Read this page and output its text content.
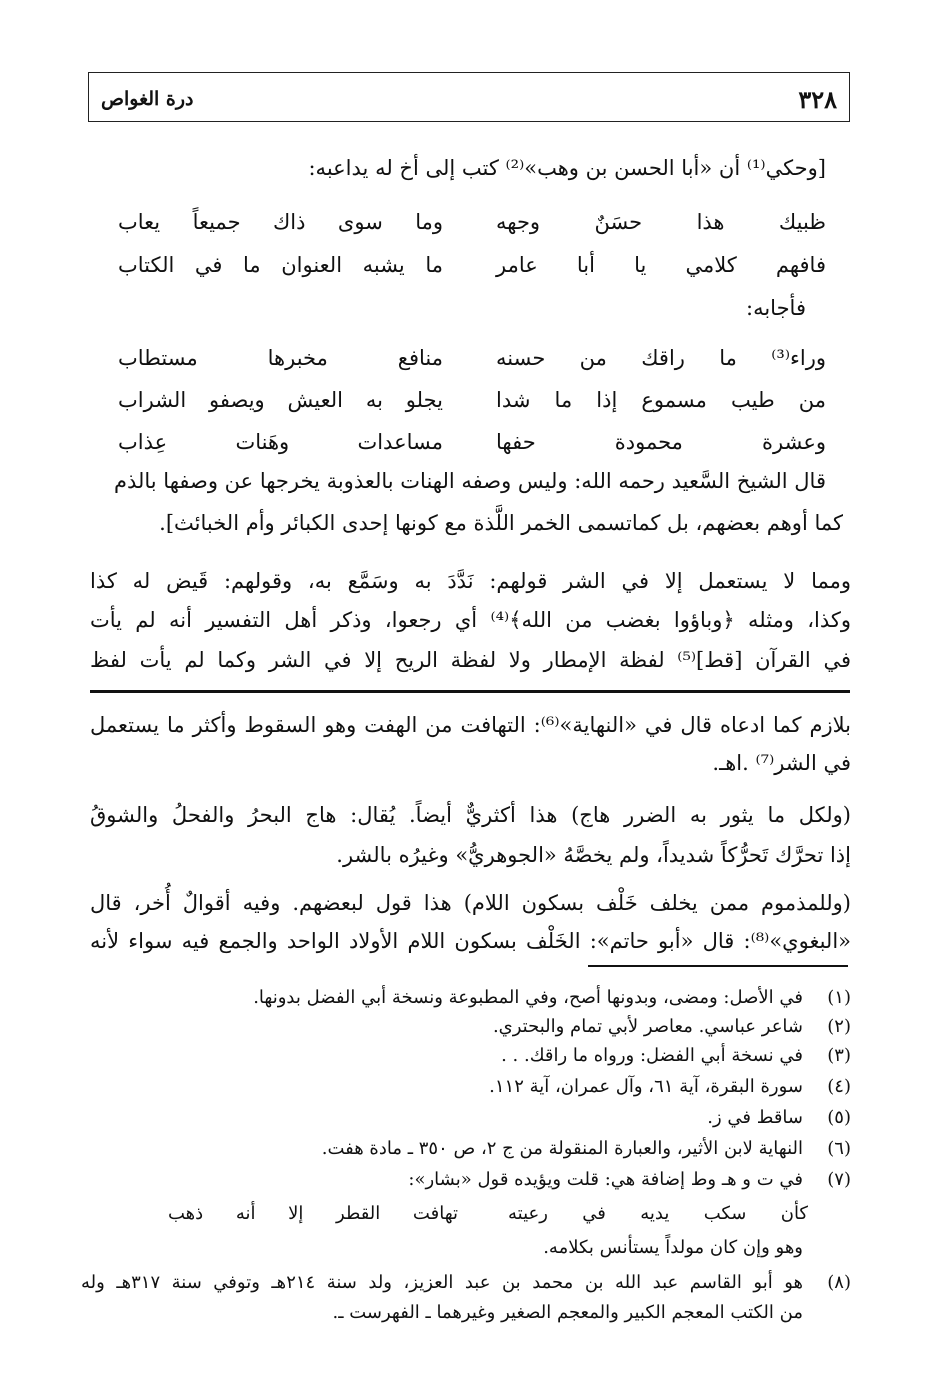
٣٢٨
درة الغواص
[وحكي⁽¹⁾ أن «أبا الحسن بن وهب»⁽²⁾ كتب إلى أخ له يداعبه:
ظبيك هذا حسَنٌ وجهه
وما سوى ذاك جميعاً يعاب
فافهم كلامي يا أبا عامر
ما يشبه العنوان ما في الكتاب
فأجابه:
وراء⁽³⁾ ما راقك من حسنه
منافع مخبرها مستطاب
من طيب مسموع إذا ما شدا
يجلو به العيش ويصفو الشراب
وعشرة محمودة حفها
مساعدات وهَنات عِذاب
قال الشيخ السَّعيد رحمه الله: وليس وصفه الهنات بالعذوبة يخرجها عن وصفها بالذم
كما أوهم بعضهم، بل كماتسمى الخمر اللَّذة مع كونها إحدى الكبائر وأم الخبائث].
ومما لا يستعمل إلا في الشر قولهم: نَدَّدَ به وسَمَّع به، وقولهم: قَيض له كذا
وكذا، ومثله ﴿وباؤوا بغضب من الله﴾⁽⁴⁾ أي رجعوا، وذكر أهل التفسير أنه لم يأت
في القرآن [قط]⁽⁵⁾ لفظة الإمطار ولا لفظة الريح إلا في الشر وكما لم يأت لفظ
بلازم كما ادعاه قال في «النهاية»⁽⁶⁾: التهافت من الهفت وهو السقوط وأكثر ما يستعمل
في الشر⁽⁷⁾ .اهـ.
(ولكل ما يثور به الضرر هاج) هذا أكثريٌّ أيضاً. يُقال: هاج البحرُ والفحلُ والشوقُ
إذا تحرَّك تَحرُّكاً شديداً، ولم يخصَّهُ «الجوهريُّ» وغيرُه بالشر.
(وللمذموم ممن يخلف خَلْف بسكون اللام) هذا قول لبعضهم. وفيه أقوالٌ أُخر، قال
«البغوي»⁽⁸⁾: قال «أبو حاتم»: الخَلْف بسكون اللام الأولاد الواحد والجمع فيه سواء لأنه
(١)
في الأصل: ومضى، وبدونها أصح، وفي المطبوعة ونسخة أبي الفضل بدونها.
(٢)
شاعر عباسي. معاصر لأبي تمام والبحتري.
(٣)
في نسخة أبي الفضل: ورواه ما راقك. . .
(٤)
سورة البقرة، آية ٦١، وآل عمران، آية ١١٢.
(٥)
ساقط في ز.
(٦)
النهاية لابن الأثير، والعبارة المنقولة من ج ٢، ص ٣٥٠ ـ مادة هفت.
(٧)
في ت و هـ وط إضافة هي: قلت ويؤيده قول «بشار»:
كأن سكب يديه في رعيته
تهافت القطر إلا أنه ذهب
وهو وإن كان مولداً يستأنس بكلامه.
(٨)
هو أبو القاسم عبد الله بن محمد بن عبد العزيز، ولد سنة ٢١٤هـ وتوفي سنة ٣١٧هـ وله
من الكتب المعجم الكبير والمعجم الصغير وغيرهما ـ الفهرست ـ.
